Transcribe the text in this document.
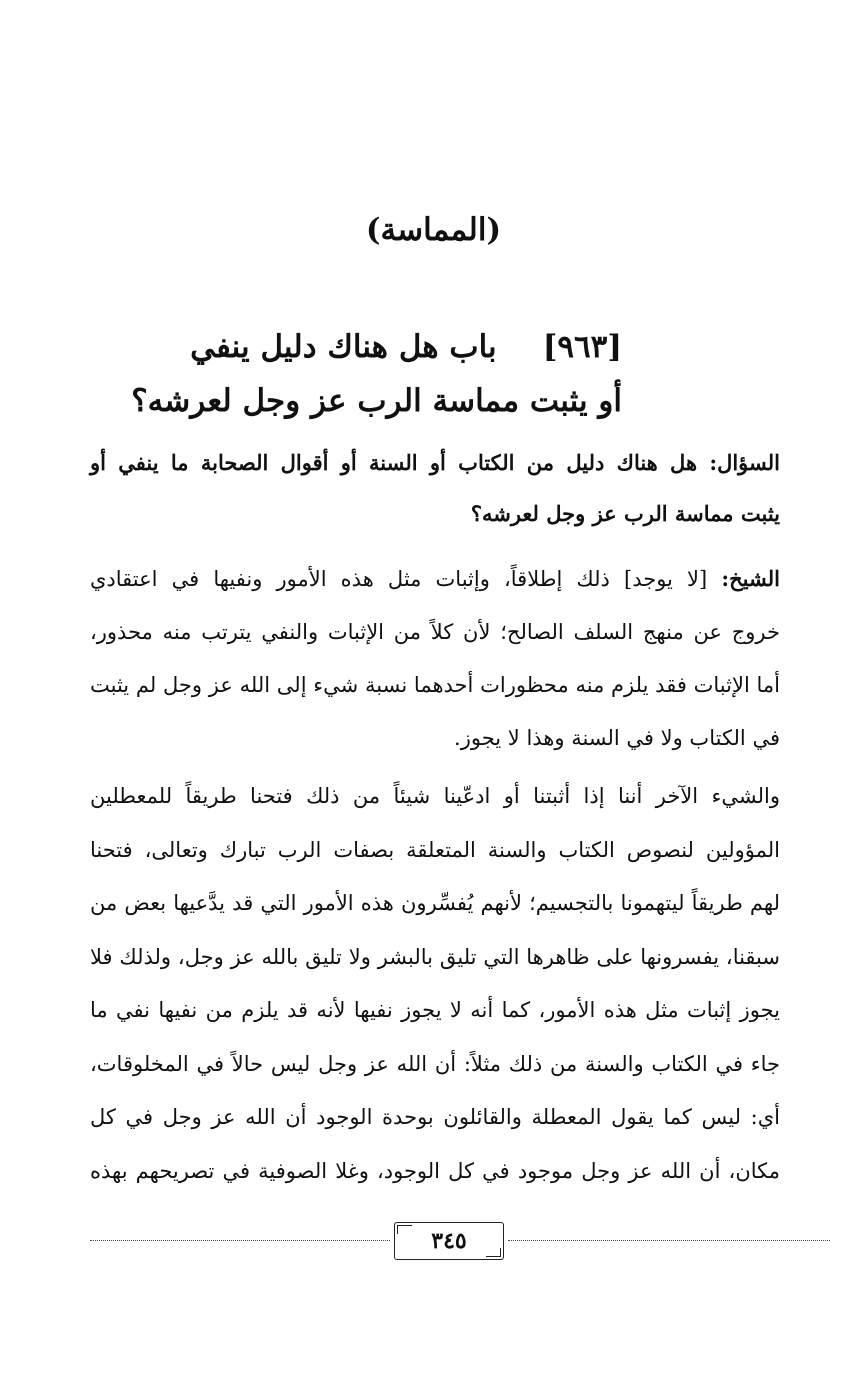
(المماسة)
[٩٦٣]باب هل هناك دليل ينفي
أو يثبت مماسة الرب عز وجل لعرشه؟
السؤال: هل هناك دليل من الكتاب أو السنة أو أقوال الصحابة ما ينفي أو
يثبت مماسة الرب عز وجل لعرشه؟
الشيخ: [لا يوجد] ذلك إطلاقاً، وإثبات مثل هذه الأمور ونفيها في اعتقادي
خروج عن منهج السلف الصالح؛ لأن كلاً من الإثبات والنفي يترتب منه محذور،
أما الإثبات فقد يلزم منه محظورات أحدهما نسبة شيء إلى الله عز وجل لم يثبت
في الكتاب ولا في السنة وهذا لا يجوز.
والشيء الآخر أننا إذا أثبتنا أو ادعّينا شيئاً من ذلك فتحنا طريقاً للمعطلين
المؤولين لنصوص الكتاب والسنة المتعلقة بصفات الرب تبارك وتعالى، فتحنا
لهم طريقاً ليتهمونا بالتجسيم؛ لأنهم يُفسِّرون هذه الأمور التي قد يدَّعيها بعض من
سبقنا، يفسرونها على ظاهرها التي تليق بالبشر ولا تليق بالله عز وجل، ولذلك فلا
يجوز إثبات مثل هذه الأمور، كما أنه لا يجوز نفيها لأنه قد يلزم من نفيها نفي ما
جاء في الكتاب والسنة من ذلك مثلاً: أن الله عز وجل ليس حالاً في المخلوقات،
أي: ليس كما يقول المعطلة والقائلون بوحدة الوجود أن الله عز وجل في كل
مكان، أن الله عز وجل موجود في كل الوجود، وغلا الصوفية في تصريحهم بهذه
٣٤٥
